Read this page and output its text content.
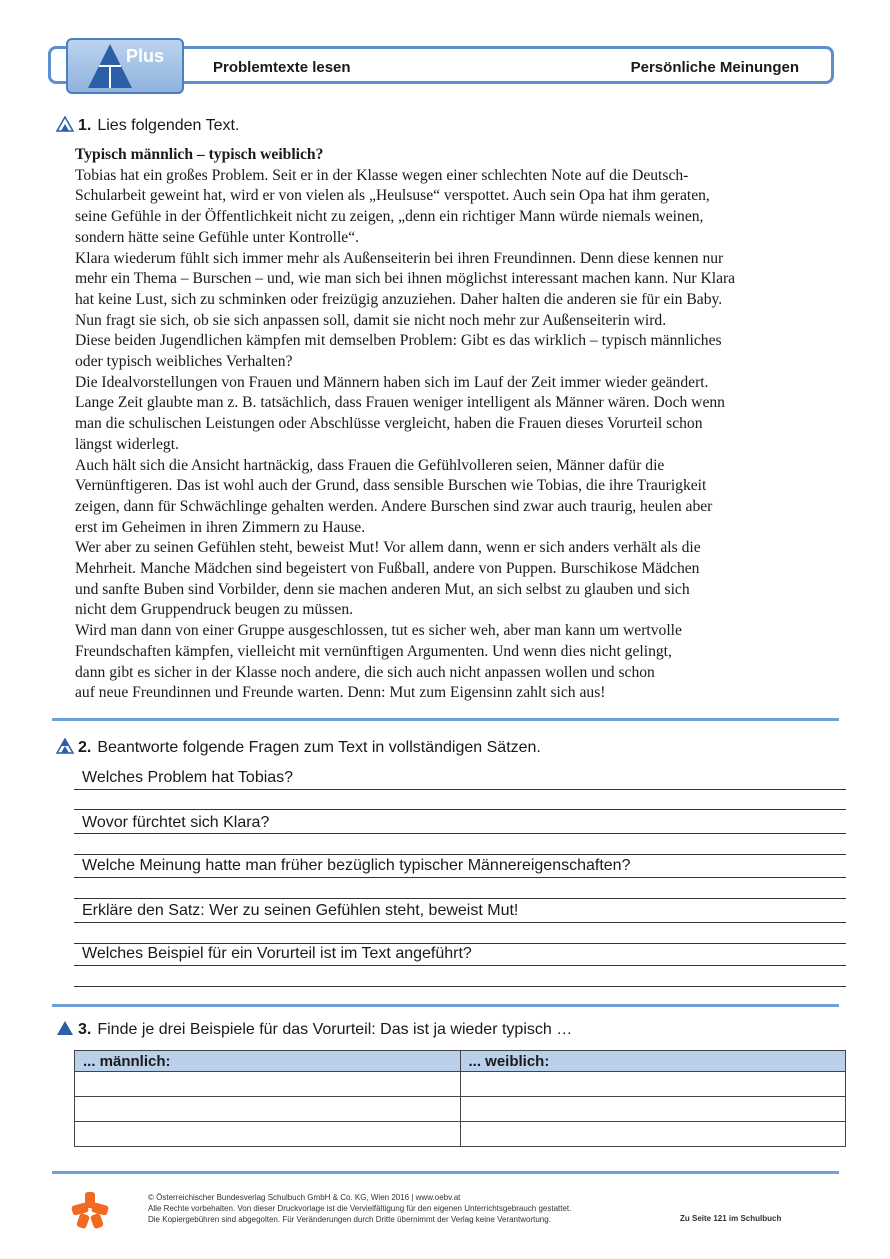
Plus
Problemtexte lesen	Persönliche Meinungen
1. Lies folgenden Text.

Typisch männlich – typisch weiblich?

Tobias hat ein großes Problem. Seit er in der Klasse wegen einer schlechten Note auf die Deutsch-

Schularbeit geweint hat, wird er von vielen als „Heulsuse“ verspottet. Auch sein Opa hat ihm geraten,

seine Gefühle in der Öffentlichkeit nicht zu zeigen, „denn ein richtiger Mann würde niemals weinen,

sondern hätte seine Gefühle unter Kontrolle“.

Klara wiederum fühlt sich immer mehr als Außenseiterin bei ihren Freundinnen. Denn diese kennen nur

mehr ein Thema – Burschen – und, wie man sich bei ihnen möglichst interessant machen kann. Nur Klara

hat keine Lust, sich zu schminken oder freizügig anzuziehen. Daher halten die anderen sie für ein Baby.

Nun fragt sie sich, ob sie sich anpassen soll, damit sie nicht noch mehr zur Außenseiterin wird.

Diese beiden Jugendlichen kämpfen mit demselben Problem: Gibt es das wirklich – typisch männliches

oder typisch weibliches Verhalten?

Die Idealvorstellungen von Frauen und Männern haben sich im Lauf der Zeit immer wieder geändert.

Lange Zeit glaubte man z. B. tatsächlich, dass Frauen weniger intelligent als Männer wären. Doch wenn

man die schulischen Leistungen oder Abschlüsse vergleicht, haben die Frauen dieses Vorurteil schon

längst widerlegt.

Auch hält sich die Ansicht hartnäckig, dass Frauen die Gefühlvolleren seien, Männer dafür die

Vernünftigeren. Das ist wohl auch der Grund, dass sensible Burschen wie Tobias, die ihre Traurigkeit

zeigen, dann für Schwächlinge gehalten werden. Andere Burschen sind zwar auch traurig, heulen aber

erst im Geheimen in ihren Zimmern zu Hause.

Wer aber zu seinen Gefühlen steht, beweist Mut! Vor allem dann, wenn er sich anders verhält als die

Mehrheit. Manche Mädchen sind begeistert von Fußball, andere von Puppen. Burschikose Mädchen

und sanfte Buben sind Vorbilder, denn sie machen anderen Mut, an sich selbst zu glauben und sich

nicht dem Gruppendruck beugen zu müssen.

Wird man dann von einer Gruppe ausgeschlossen, tut es sicher weh, aber man kann um wertvolle

Freundschaften kämpfen, vielleicht mit vernünftigen Argumenten. Und wenn dies nicht gelingt,

dann gibt es sicher in der Klasse noch andere, die sich auch nicht anpassen wollen und schon

auf neue Freundinnen und Freunde warten. Denn: Mut zum Eigensinn zahlt sich aus!

2. Beantworte folgende Fragen zum Text in vollständigen Sätzen.
Welches Problem hat Tobias?
Wovor fürchtet sich Klara?
Welche Meinung hatte man früher bezüglich typischer Männereigenschaften?
Erkläre den Satz: Wer zu seinen Gefühlen steht, beweist Mut!
Welches Beispiel für ein Vorurteil ist im Text angeführt?
3. Finde je drei Beispiele für das Vorurteil: Das ist ja wieder typisch …
... männlich:	... weiblich:

© Österreichischer Bundesverlag Schulbuch GmbH & Co. KG, Wien 2016 | www.oebv.at
Alle Rechte vorbehalten. Von dieser Druckvorlage ist die Vervielfältigung für den eigenen Unterrichtsgebrauch gestattet.
Die Kopiergebühren sind abgegolten. Für Veränderungen durch Dritte übernimmt der Verlag keine Verantwortung.	Zu Seite 121 im Schulbuch
